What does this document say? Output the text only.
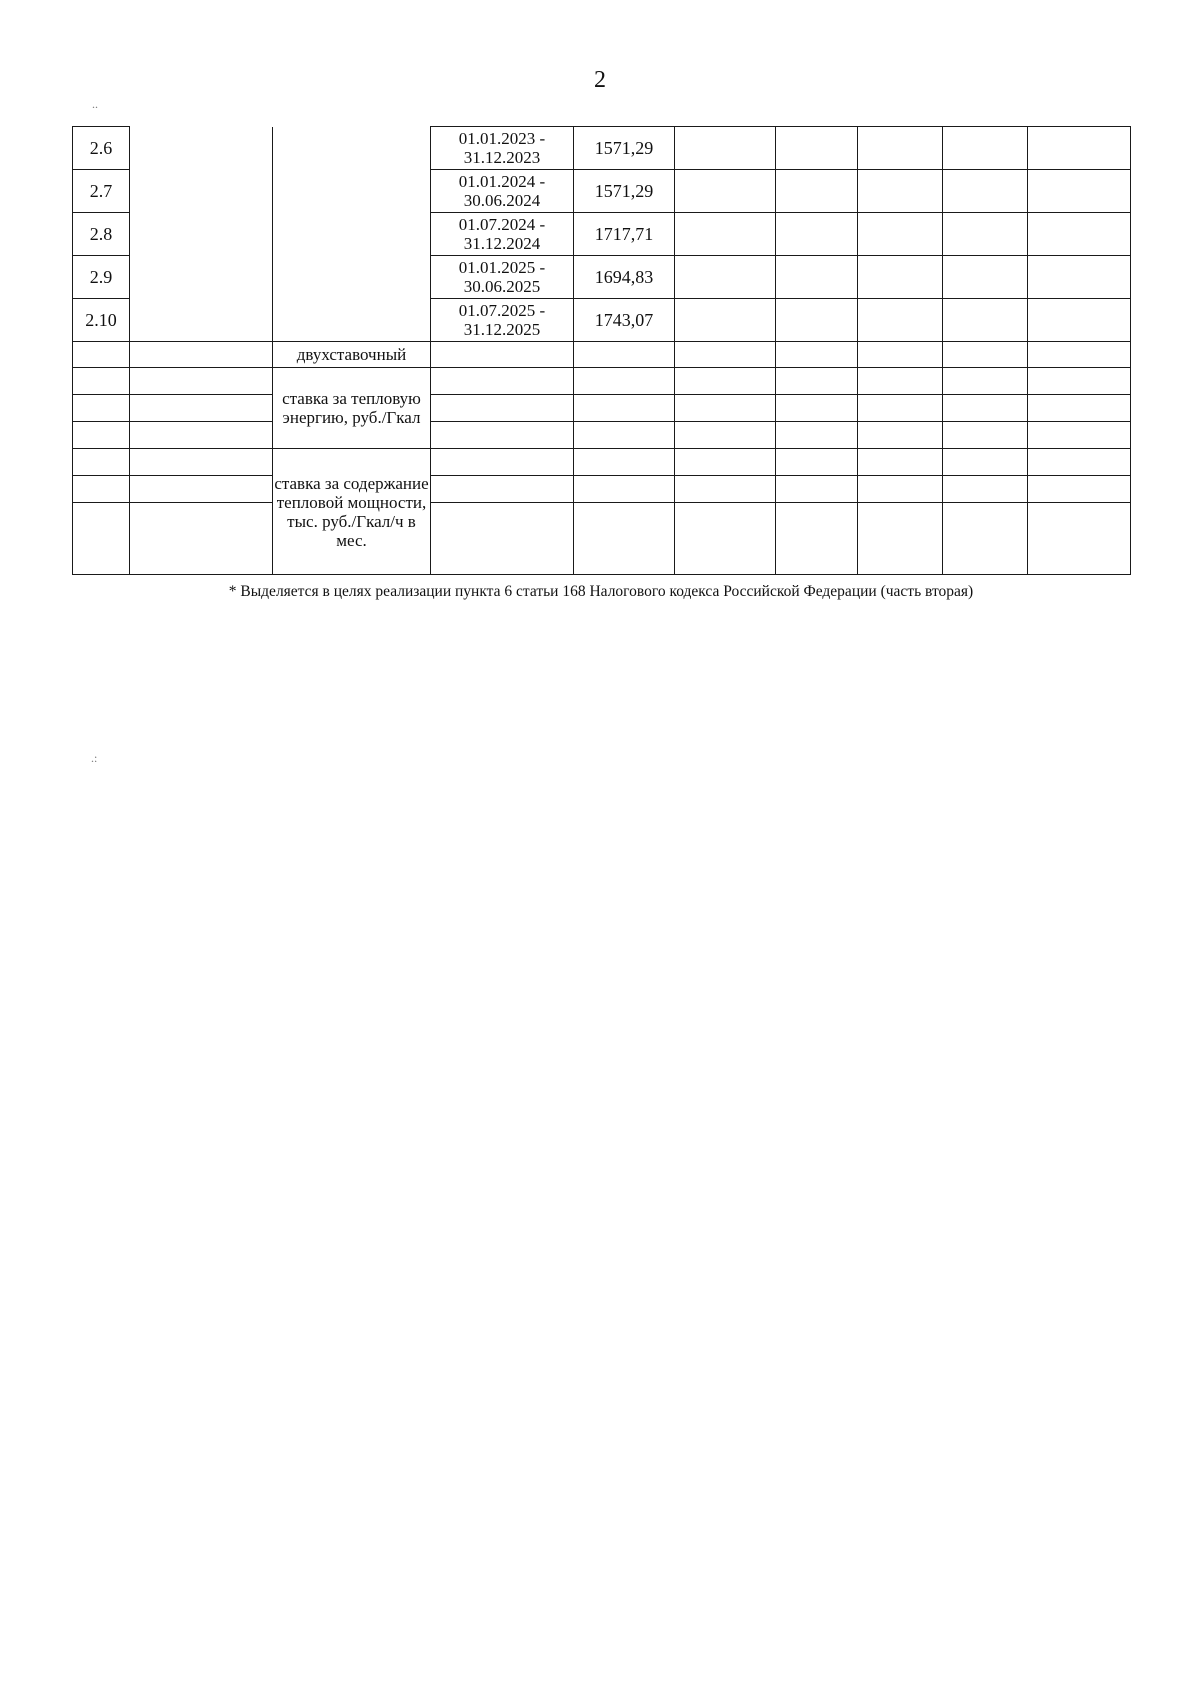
2
..
.:
2.6			01.01.2023 -
31.12.2023	1571,29					
2.7			01.01.2024 -
30.06.2024	1571,29					
2.8			01.07.2024 -
31.12.2024	1717,71					
2.9			01.01.2025 -
30.06.2025	1694,83					
2.10			01.07.2025 -
31.12.2025	1743,07					
		двухставочный							
		ставка за тепловую энергию, руб./Гкал							

		ставка за содержание тепловой мощности, тыс. руб./Гкал/ч в мес.							

* Выделяется в целях реализации пункта 6 статьи 168 Налогового кодекса Российской Федерации (часть вторая)
